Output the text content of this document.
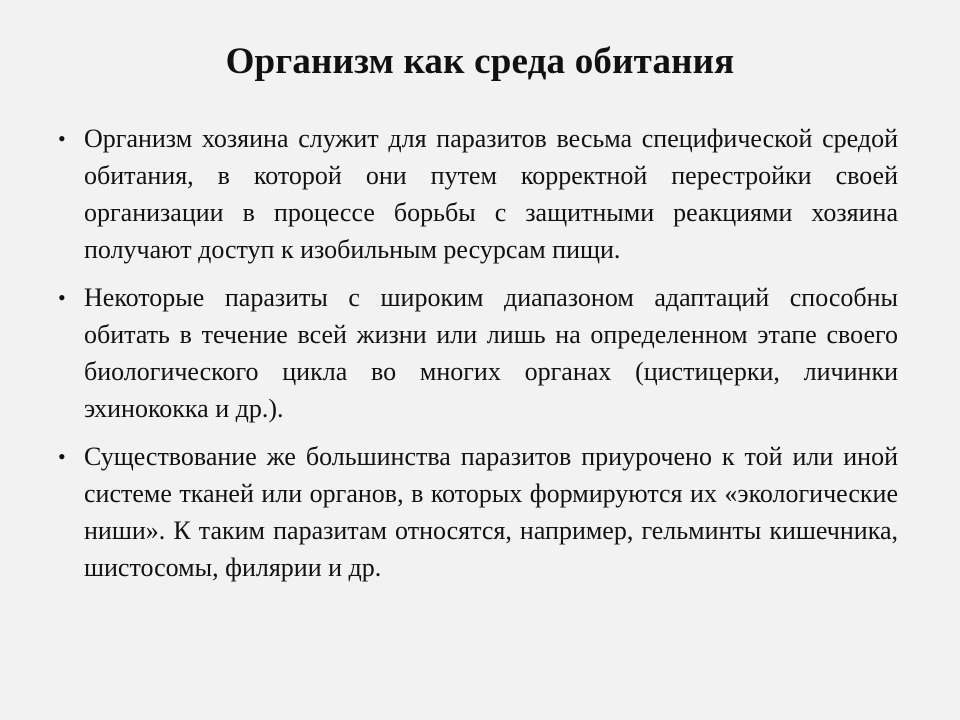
Организм как среда обитания
• Организм хозяина служит для паразитов весьма специфической средой обитания, в которой они путем корректной перестройки своей организации в процессе борьбы с защитными реакциями хозяина получают доступ к изобильным ресурсам пищи.
• Некоторые паразиты с широким диапазоном адаптаций способны обитать в течение всей жизни или лишь на определенном этапе своего биологического цикла во многих органах (цистицерки, личинки эхинококка и др.).
• Существование же большинства паразитов приурочено к той или иной системе тканей или органов, в которых формируются их «экологические ниши». К таким паразитам относятся, например, гельминты кишечника, шистосомы, филярии и др.
